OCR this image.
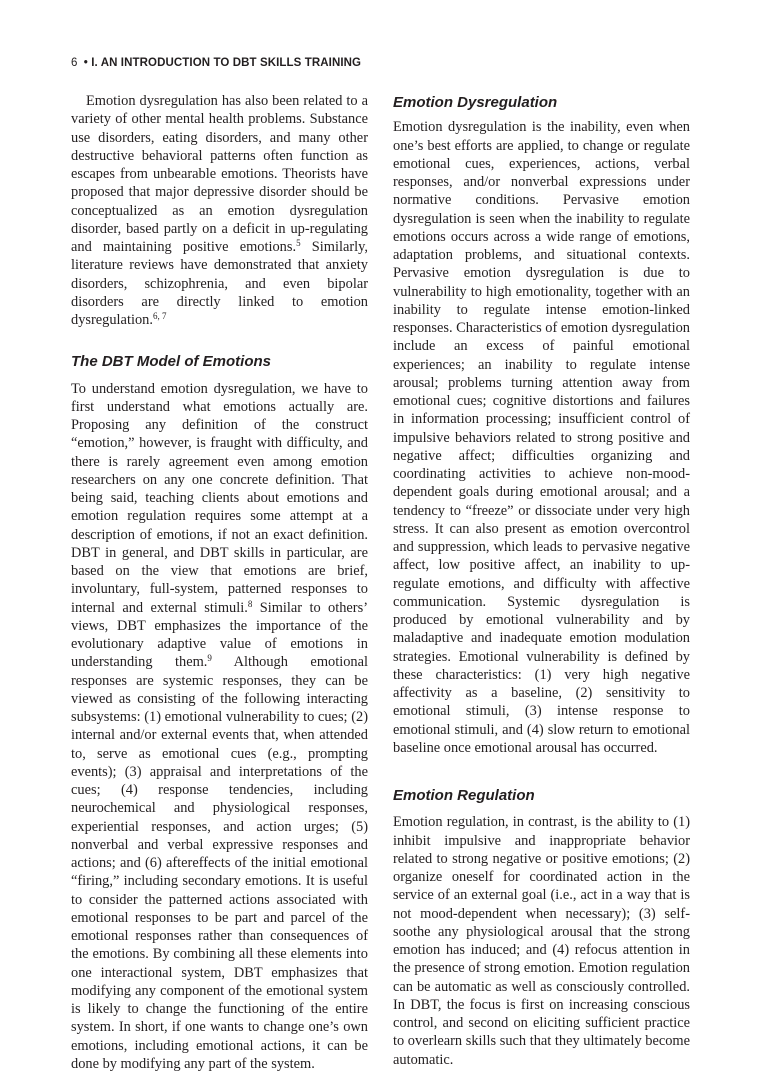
6 • I. AN INTRODUCTION TO DBT SKILLS TRAINING

Emotion dysregulation has also been related to a variety of other mental health problems. Substance use disorders, eating disorders, and many other destructive behavioral patterns often function as escapes from unbearable emotions. Theorists have proposed that major depressive disorder should be conceptualized as an emotion dysregulation disorder, based partly on a deficit in up-regulating and maintaining positive emotions.$^5$ Similarly, literature reviews have demonstrated that anxiety disorders, schizophrenia, and even bipolar disorders are directly linked to emotion dysregulation.$^{6, 7}$

The DBT Model of Emotions

To understand emotion dysregulation, we have to first understand what emotions actually are. Proposing any definition of the construct “emotion,” however, is fraught with difficulty, and there is rarely agreement even among emotion researchers on any one concrete definition. That being said, teaching clients about emotions and emotion regulation requires some attempt at a description of emotions, if not an exact definition. DBT in general, and DBT skills in particular, are based on the view that emotions are brief, involuntary, full-system, patterned responses to internal and external stimuli.$^8$ Similar to others’ views, DBT emphasizes the importance of the evolutionary adaptive value of emotions in understanding them.$^9$ Although emotional responses are systemic responses, they can be viewed as consisting of the following interacting subsystems: (1) emotional vulnerability to cues; (2) internal and/or external events that, when attended to, serve as emotional cues (e.g., prompting events); (3) appraisal and interpretations of the cues; (4) response tendencies, including neurochemical and physiological responses, experiential responses, and action urges; (5) nonverbal and verbal expressive responses and actions; and (6) aftereffects of the initial emotional “firing,” including secondary emotions. It is useful to consider the patterned actions associated with emotional responses to be part and parcel of the emotional responses rather than consequences of the emotions. By combining all these elements into one interactional system, DBT emphasizes that modifying any component of the emotional system is likely to change the functioning of the entire system. In short, if one wants to change one’s own emotions, including emotional actions, it can be done by modifying any part of the system.

Emotion Dysregulation

Emotion dysregulation is the inability, even when one’s best efforts are applied, to change or regulate emotional cues, experiences, actions, verbal responses, and/or nonverbal expressions under normative conditions. Pervasive emotion dysregulation is seen when the inability to regulate emotions occurs across a wide range of emotions, adaptation problems, and situational contexts. Pervasive emotion dysregulation is due to vulnerability to high emotionality, together with an inability to regulate intense emotion-linked responses. Characteristics of emotion dysregulation include an excess of painful emotional experiences; an inability to regulate intense arousal; problems turning attention away from emotional cues; cognitive distortions and failures in information processing; insufficient control of impulsive behaviors related to strong positive and negative affect; difficulties organizing and coordinating activities to achieve non-mood-dependent goals during emotional arousal; and a tendency to “freeze” or dissociate under very high stress. It can also present as emotion overcontrol and suppression, which leads to pervasive negative affect, low positive affect, an inability to up-regulate emotions, and difficulty with affective communication. Systemic dysregulation is produced by emotional vulnerability and by maladaptive and inadequate emotion modulation strategies. Emotional vulnerability is defined by these characteristics: (1) very high negative affectivity as a baseline, (2) sensitivity to emotional stimuli, (3) intense response to emotional stimuli, and (4) slow return to emotional baseline once emotional arousal has occurred.

Emotion Regulation

Emotion regulation, in contrast, is the ability to (1) inhibit impulsive and inappropriate behavior related to strong negative or positive emotions; (2) organize oneself for coordinated action in the service of an external goal (i.e., act in a way that is not mood-dependent when necessary); (3) self-soothe any physiological arousal that the strong emotion has induced; and (4) refocus attention in the presence of strong emotion. Emotion regulation can be automatic as well as consciously controlled. In DBT, the focus is first on increasing conscious control, and second on eliciting sufficient practice to overlearn skills such that they ultimately become automatic.
